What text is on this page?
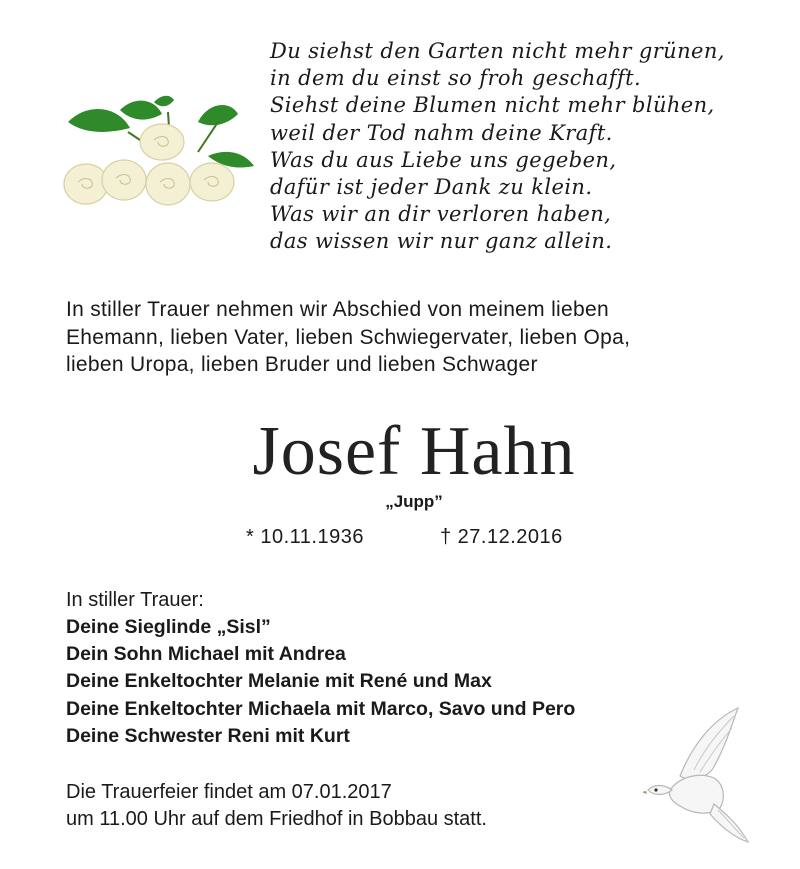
Du siehst den Garten nicht mehr grünen,
in dem du einst so froh geschafft.
Siehst deine Blumen nicht mehr blühen,
weil der Tod nahm deine Kraft.
Was du aus Liebe uns gegeben,
dafür ist jeder Dank zu klein.
Was wir an dir verloren haben,
das wissen wir nur ganz allein.
In stiller Trauer nehmen wir Abschied von meinem lieben
Ehemann, lieben Vater, lieben Schwiegervater, lieben Opa,
lieben Uropa, lieben Bruder und lieben Schwager
Josef Hahn
„Jupp”
* 10.11.1936	† 27.12.2016
In stiller Trauer:
Deine Sieglinde „Sisl”
Dein Sohn Michael mit Andrea
Deine Enkeltochter Melanie mit René und Max
Deine Enkeltochter Michaela mit Marco, Savo und Pero
Deine Schwester Reni mit Kurt
Die Trauerfeier findet am 07.01.2017
um 11.00 Uhr auf dem Friedhof in Bobbau statt.
